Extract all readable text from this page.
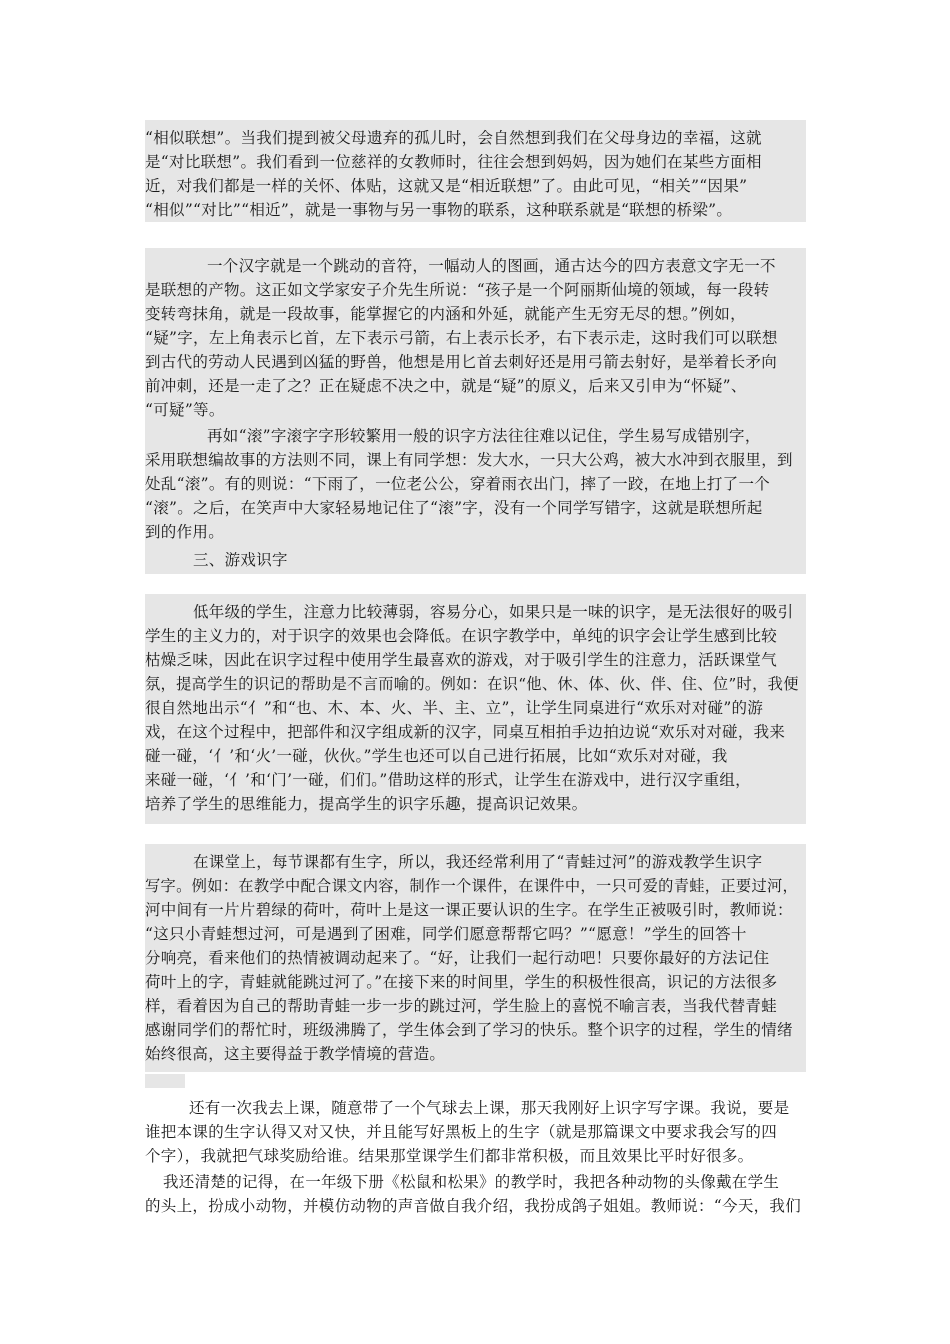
“相似联想”。当我们提到被父母遗弃的孤儿时，会自然想到我们在父母身边的幸福，这就
是“对比联想”。我们看到一位慈祥的女教师时，往往会想到妈妈，因为她们在某些方面相
近，对我们都是一样的关怀、体贴，这就又是“相近联想”了。由此可见，“相关”“因果”
“相似”“对比”“相近”，就是一事物与另一事物的联系，这种联系就是“联想的桥梁”。
一个汉字就是一个跳动的音符，一幅动人的图画，通古达今的四方表意文字无一不
是联想的产物。这正如文学家安子介先生所说：“孩子是一个阿丽斯仙境的领域，每一段转
变转弯抹角，就是一段故事，能掌握它的内涵和外延，就能产生无穷无尽的想。”例如，
“疑”字，左上角表示匕首，左下表示弓箭，右上表示长矛，右下表示走，这时我们可以联想
到古代的劳动人民遇到凶猛的野兽，他想是用匕首去刺好还是用弓箭去射好，是举着长矛向
前冲刺，还是一走了之？正在疑虑不决之中，就是“疑”的原义，后来又引申为“怀疑”、
“可疑”等。
再如“滚”字滚字字形较繁用一般的识字方法往往难以记住，学生易写成错别字，
采用联想编故事的方法则不同，课上有同学想：发大水，一只大公鸡，被大水冲到衣服里，到
处乱“滚”。有的则说：“下雨了，一位老公公，穿着雨衣出门，摔了一跤，在地上打了一个
“滚”。之后，在笑声中大家轻易地记住了“滚”字，没有一个同学写错字，这就是联想所起
到的作用。
三、游戏识字
低年级的学生，注意力比较薄弱，容易分心，如果只是一味的识字，是无法很好的吸引
学生的主义力的，对于识字的效果也会降低。在识字教学中，单纯的识字会让学生感到比较
枯燥乏味，因此在识字过程中使用学生最喜欢的游戏，对于吸引学生的注意力，活跃课堂气
氛，提高学生的识记的帮助是不言而喻的。例如：在识“他、休、体、伙、伴、住、位”时，我便
很自然地出示“亻”和“也、木、本、火、半、主、立”，让学生同桌进行“欢乐对对碰”的游
戏，在这个过程中，把部件和汉字组成新的汉字，同桌互相拍手边拍边说“欢乐对对碰，我来
碰一碰，‘亻’和‘火’一碰，伙伙。”学生也还可以自己进行拓展，比如“欢乐对对碰，我
来碰一碰，‘亻’和‘门’一碰，们们。”借助这样的形式，让学生在游戏中，进行汉字重组，
培养了学生的思维能力，提高学生的识字乐趣，提高识记效果。
在课堂上，每节课都有生字，所以，我还经常利用了“青蛙过河”的游戏教学生识字
写字。例如：在教学中配合课文内容，制作一个课件，在课件中，一只可爱的青蛙，正要过河，
河中间有一片片碧绿的荷叶，荷叶上是这一课正要认识的生字。在学生正被吸引时，教师说：
“这只小青蛙想过河，可是遇到了困难，同学们愿意帮帮它吗？”“愿意！”学生的回答十
分响亮，看来他们的热情被调动起来了。“好，让我们一起行动吧！只要你最好的方法记住
荷叶上的字，青蛙就能跳过河了。”在接下来的时间里，学生的积极性很高，识记的方法很多
样，看着因为自己的帮助青蛙一步一步的跳过河，学生脸上的喜悦不喻言表，当我代替青蛙
感谢同学们的帮忙时，班级沸腾了，学生体会到了学习的快乐。整个识字的过程，学生的情绪
始终很高，这主要得益于教学情境的营造。
还有一次我去上课，随意带了一个气球去上课，那天我刚好上识字写字课。我说，要是
谁把本课的生字认得又对又快，并且能写好黑板上的生字（就是那篇课文中要求我会写的四
个字），我就把气球奖励给谁。结果那堂课学生们都非常积极，而且效果比平时好很多。
我还清楚的记得，在一年级下册《松鼠和松果》的教学时，我把各种动物的头像戴在学生
的头上，扮成小动物，并模仿动物的声音做自我介绍，我扮成鸽子姐姐。教师说：“今天，我们
